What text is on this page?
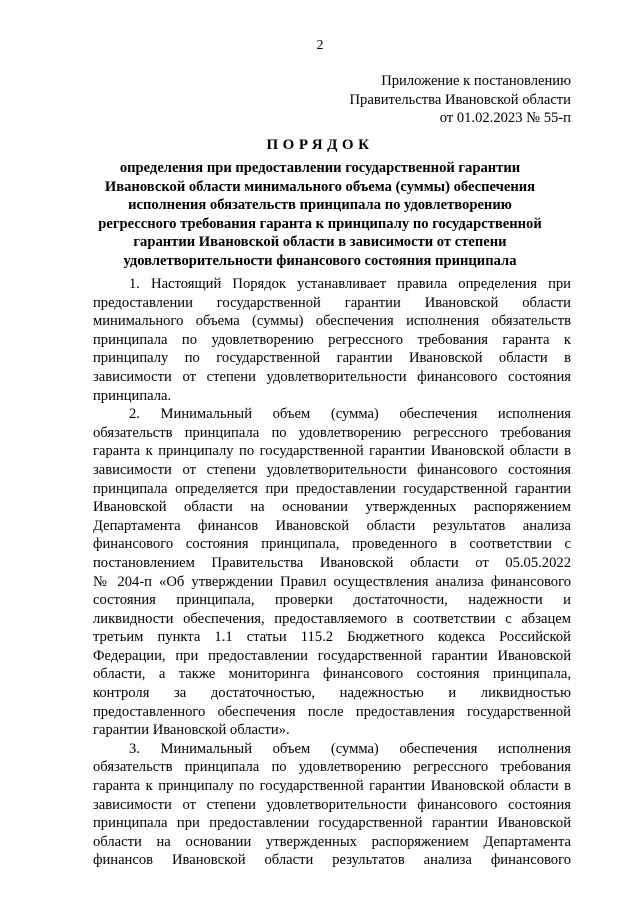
2
Приложение к постановлению
Правительства Ивановской области
от 01.02.2023 № 55-п
ПОРЯДОК
определения при предоставлении государственной гарантии
Ивановской области минимального объема (суммы) обеспечения
исполнения обязательств принципала по удовлетворению
регрессного требования гаранта к принципалу по государственной
гарантии Ивановской области в зависимости от степени
удовлетворительности финансового состояния принципала
1. Настоящий Порядок устанавливает правила определения при
предоставлении государственной гарантии Ивановской области
минимального объема (суммы) обеспечения исполнения обязательств
принципала по удовлетворению регрессного требования гаранта к
принципалу по государственной гарантии Ивановской области в
зависимости от степени удовлетворительности финансового состояния
принципала.
2. Минимальный объем (сумма) обеспечения исполнения
обязательств принципала по удовлетворению регрессного требования
гаранта к принципалу по государственной гарантии Ивановской области в
зависимости от степени удовлетворительности финансового состояния
принципала определяется при предоставлении государственной гарантии
Ивановской области на основании утвержденных распоряжением
Департамента финансов Ивановской области результатов анализа
финансового состояния принципала, проведенного в соответствии с
постановлением Правительства Ивановской области от 05.05.2022
№ 204-п «Об утверждении Правил осуществления анализа финансового
состояния принципала, проверки достаточности, надежности и
ликвидности обеспечения, предоставляемого в соответствии с абзацем
третьим пункта 1.1 статьи 115.2 Бюджетного кодекса Российской
Федерации, при предоставлении государственной гарантии Ивановской
области, а также мониторинга финансового состояния принципала,
контроля за достаточностью, надежностью и ликвидностью
предоставленного обеспечения после предоставления государственной
гарантии Ивановской области».
3. Минимальный объем (сумма) обеспечения исполнения
обязательств принципала по удовлетворению регрессного требования
гаранта к принципалу по государственной гарантии Ивановской области в
зависимости от степени удовлетворительности финансового состояния
принципала при предоставлении государственной гарантии Ивановской
области на основании утвержденных распоряжением Департамента
финансов Ивановской области результатов анализа финансового
